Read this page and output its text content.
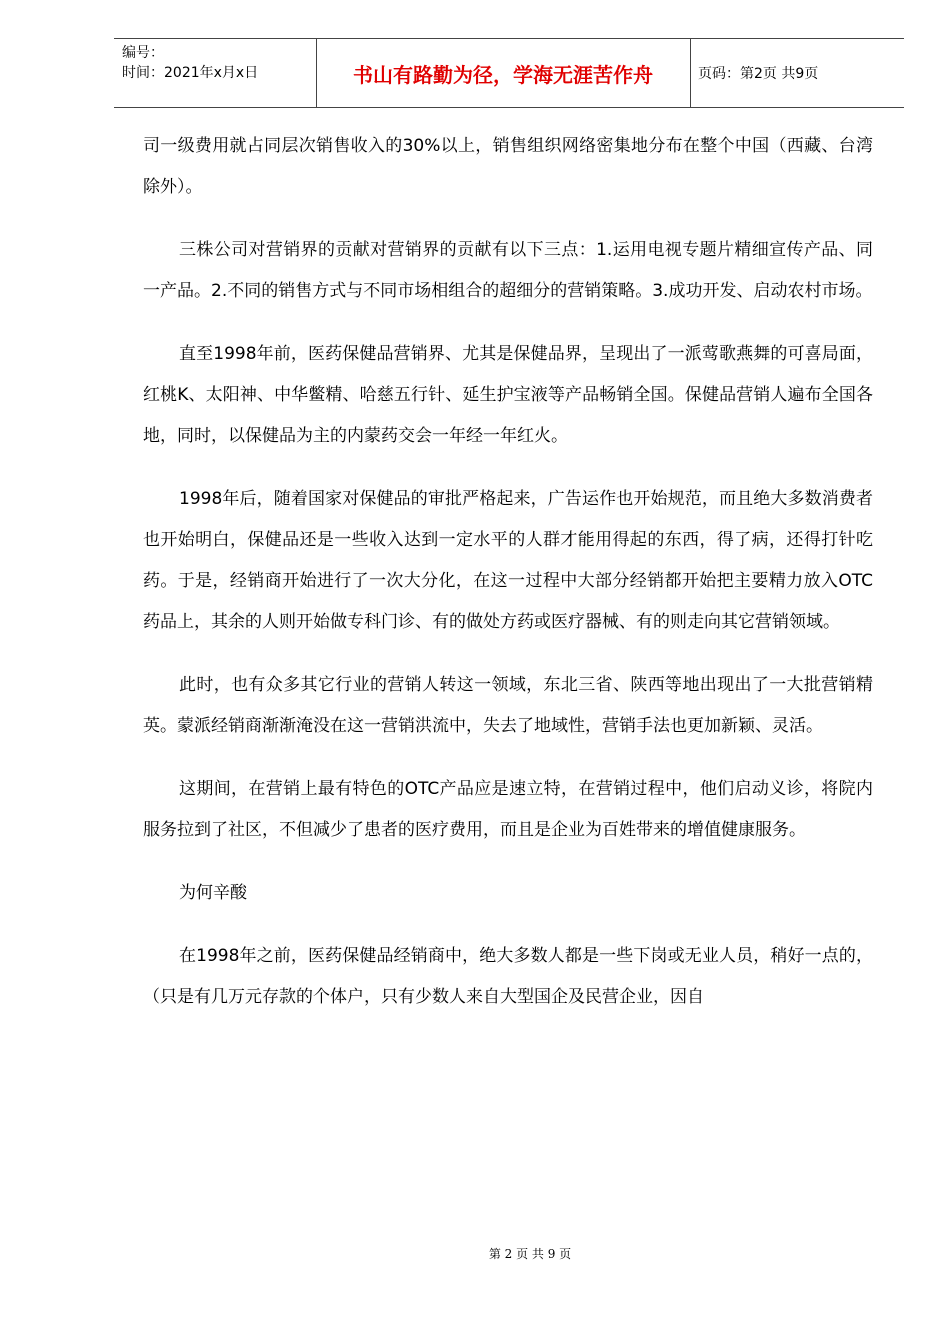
编号：
时间：2021年x月x日	书山有路勤为径，学海无涯苦作舟	页码：第2页 共9页

司一级费用就占同层次销售收入的30%以上，销售组织网络密集地分布在整个中国（西藏、台湾除外）。

三株公司对营销界的贡献对营销界的贡献有以下三点：1.运用电视专题片精细宣传产品、同一产品。2.不同的销售方式与不同市场相组合的超细分的营销策略。3.成功开发、启动农村市场。

直至1998年前，医药保健品营销界、尤其是保健品界，呈现出了一派莺歌燕舞的可喜局面，红桃K、太阳神、中华鳖精、哈慈五行针、延生护宝液等产品畅销全国。保健品营销人遍布全国各地，同时，以保健品为主的内蒙药交会一年经一年红火。

1998年后，随着国家对保健品的审批严格起来，广告运作也开始规范，而且绝大多数消费者也开始明白，保健品还是一些收入达到一定水平的人群才能用得起的东西，得了病，还得打针吃药。于是，经销商开始进行了一次大分化，在这一过程中大部分经销都开始把主要精力放入OTC药品上，其余的人则开始做专科门诊、有的做处方药或医疗器械、有的则走向其它营销领域。

此时，也有众多其它行业的营销人转这一领域，东北三省、陕西等地出现出了一大批营销精英。蒙派经销商渐渐淹没在这一营销洪流中，失去了地域性，营销手法也更加新颖、灵活。

这期间，在营销上最有特色的OTC产品应是速立特，在营销过程中，他们启动义诊，将院内服务拉到了社区，不但减少了患者的医疗费用，而且是企业为百姓带来的增值健康服务。

为何辛酸

在1998年之前，医药保健品经销商中，绝大多数人都是一些下岗或无业人员，稍好一点的，（只是有几万元存款的个体户，只有少数人来自大型国企及民营企业，因自

第 2 页 共 9 页
